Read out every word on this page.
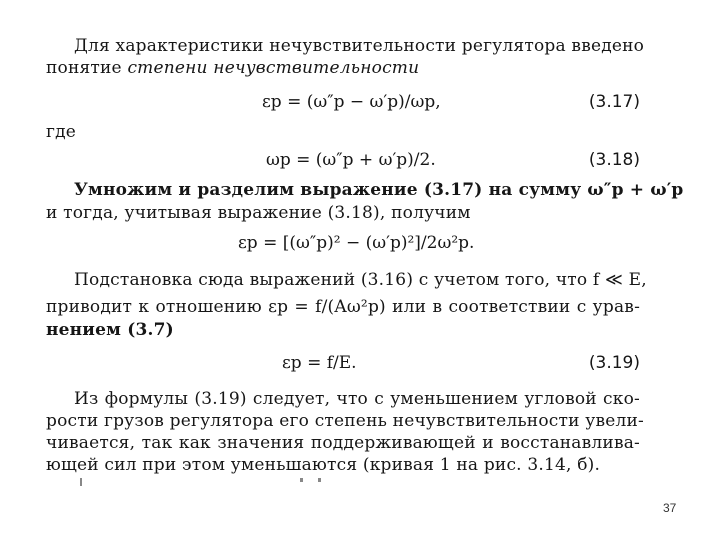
Для характеристики нечувствительности регулятора введено
понятие степени нечувствительности
εр = (ω″р − ω′р)/ωр,	(3.17)
где
ωр = (ω″р + ω′р)/2.	(3.18)
Умножим и разделим выражение (3.17) на сумму ω″р + ω′р
и тогда, учитывая выражение (3.18), получим
εр = [(ω″р)² − (ω′р)²]/2ω²р.
Подстановка сюда выражений (3.16) с учетом того, что f ≪ E,
приводит к отношению εр = f/(Aω²р) или в соответствии с урав-
нением (3.7)
εр = f/E.	(3.19)
Из формулы (3.19) следует, что с уменьшением угловой ско-
рости грузов регулятора его степень нечувствительности увели-
чивается, так как значения поддерживающей и восстанавлива-
ющей сил при этом уменьшаются (кривая 1 на рис. 3.14, б).
37
